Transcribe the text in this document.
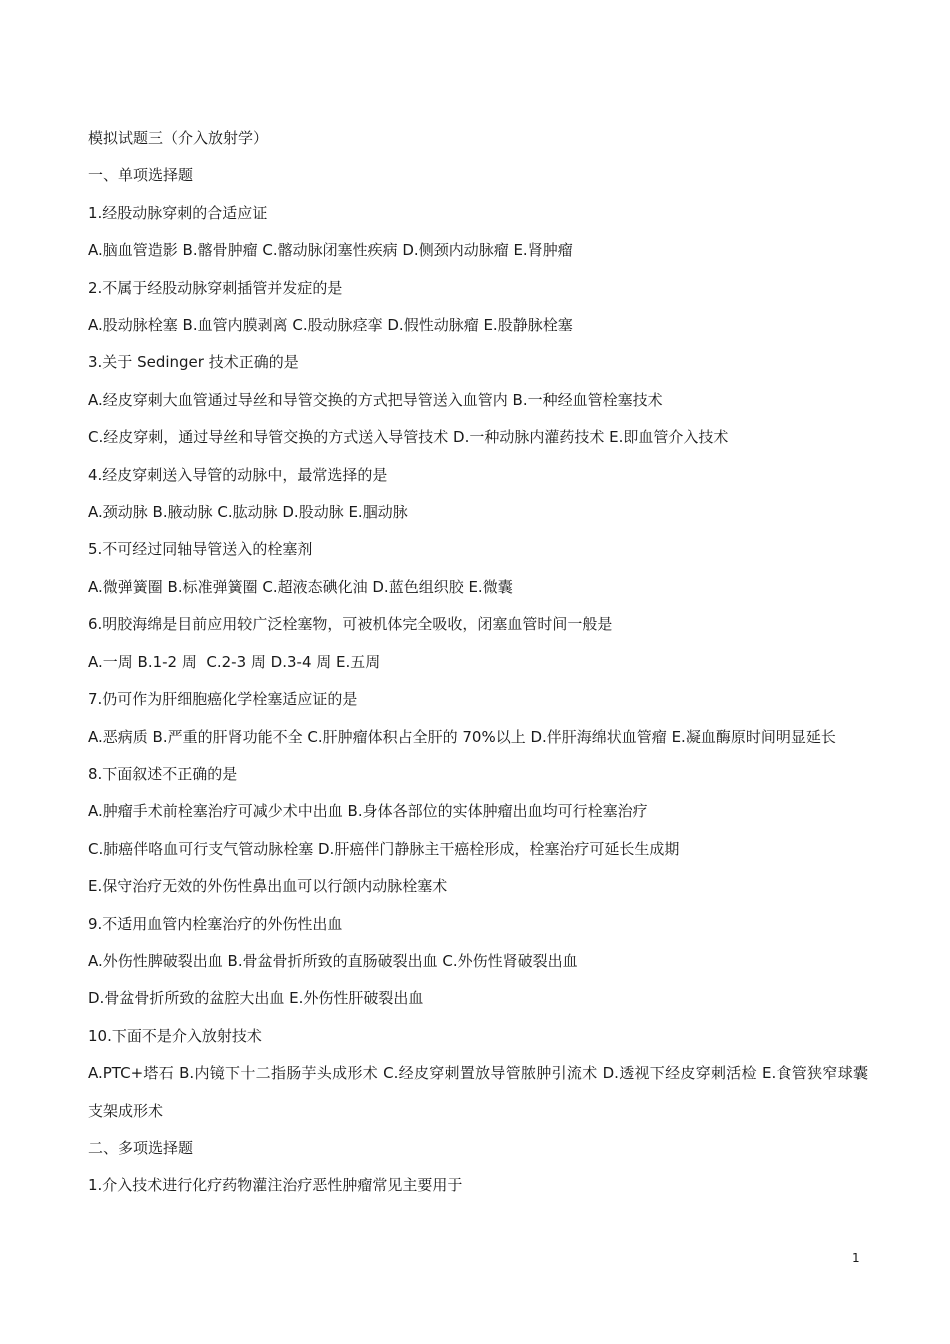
模拟试题三（介入放射学）
一、单项选择题
1.经股动脉穿刺的合适应证
A.脑血管造影 B.髂骨肿瘤 C.髂动脉闭塞性疾病 D.侧颈内动脉瘤 E.肾肿瘤
2.不属于经股动脉穿刺插管并发症的是
A.股动脉栓塞 B.血管内膜剥离 C.股动脉痉挛 D.假性动脉瘤 E.股静脉栓塞
3.关于 Sedinger 技术正确的是
A.经皮穿刺大血管通过导丝和导管交换的方式把导管送入血管内 B.一种经血管栓塞技术
C.经皮穿刺，通过导丝和导管交换的方式送入导管技术 D.一种动脉内灌药技术 E.即血管介入技术
4.经皮穿刺送入导管的动脉中，最常选择的是
A.颈动脉 B.腋动脉 C.肱动脉 D.股动脉 E.腘动脉
5.不可经过同轴导管送入的栓塞剂
A.微弹簧圈 B.标准弹簧圈 C.超液态碘化油 D.蓝色组织胶 E.微囊
6.明胶海绵是目前应用较广泛栓塞物，可被机体完全吸收，闭塞血管时间一般是
A.一周 B.1-2 周  C.2-3 周 D.3-4 周 E.五周
7.仍可作为肝细胞癌化学栓塞适应证的是
A.恶病质 B.严重的肝肾功能不全 C.肝肿瘤体积占全肝的 70%以上 D.伴肝海绵状血管瘤 E.凝血酶原时间明显延长
8.下面叙述不正确的是
A.肿瘤手术前栓塞治疗可减少术中出血 B.身体各部位的实体肿瘤出血均可行栓塞治疗
C.肺癌伴咯血可行支气管动脉栓塞 D.肝癌伴门静脉主干癌栓形成，栓塞治疗可延长生成期
E.保守治疗无效的外伤性鼻出血可以行颌内动脉栓塞术
9.不适用血管内栓塞治疗的外伤性出血
A.外伤性脾破裂出血 B.骨盆骨折所致的直肠破裂出血 C.外伤性肾破裂出血
D.骨盆骨折所致的盆腔大出血 E.外伤性肝破裂出血
10.下面不是介入放射技术
A.PTC+塔石 B.内镜下十二指肠芋头成形术 C.经皮穿刺置放导管脓肿引流术 D.透视下经皮穿刺活检 E.食管狭窄球囊支架成形术
二、多项选择题
1.介入技术进行化疗药物灌注治疗恶性肿瘤常见主要用于
1
